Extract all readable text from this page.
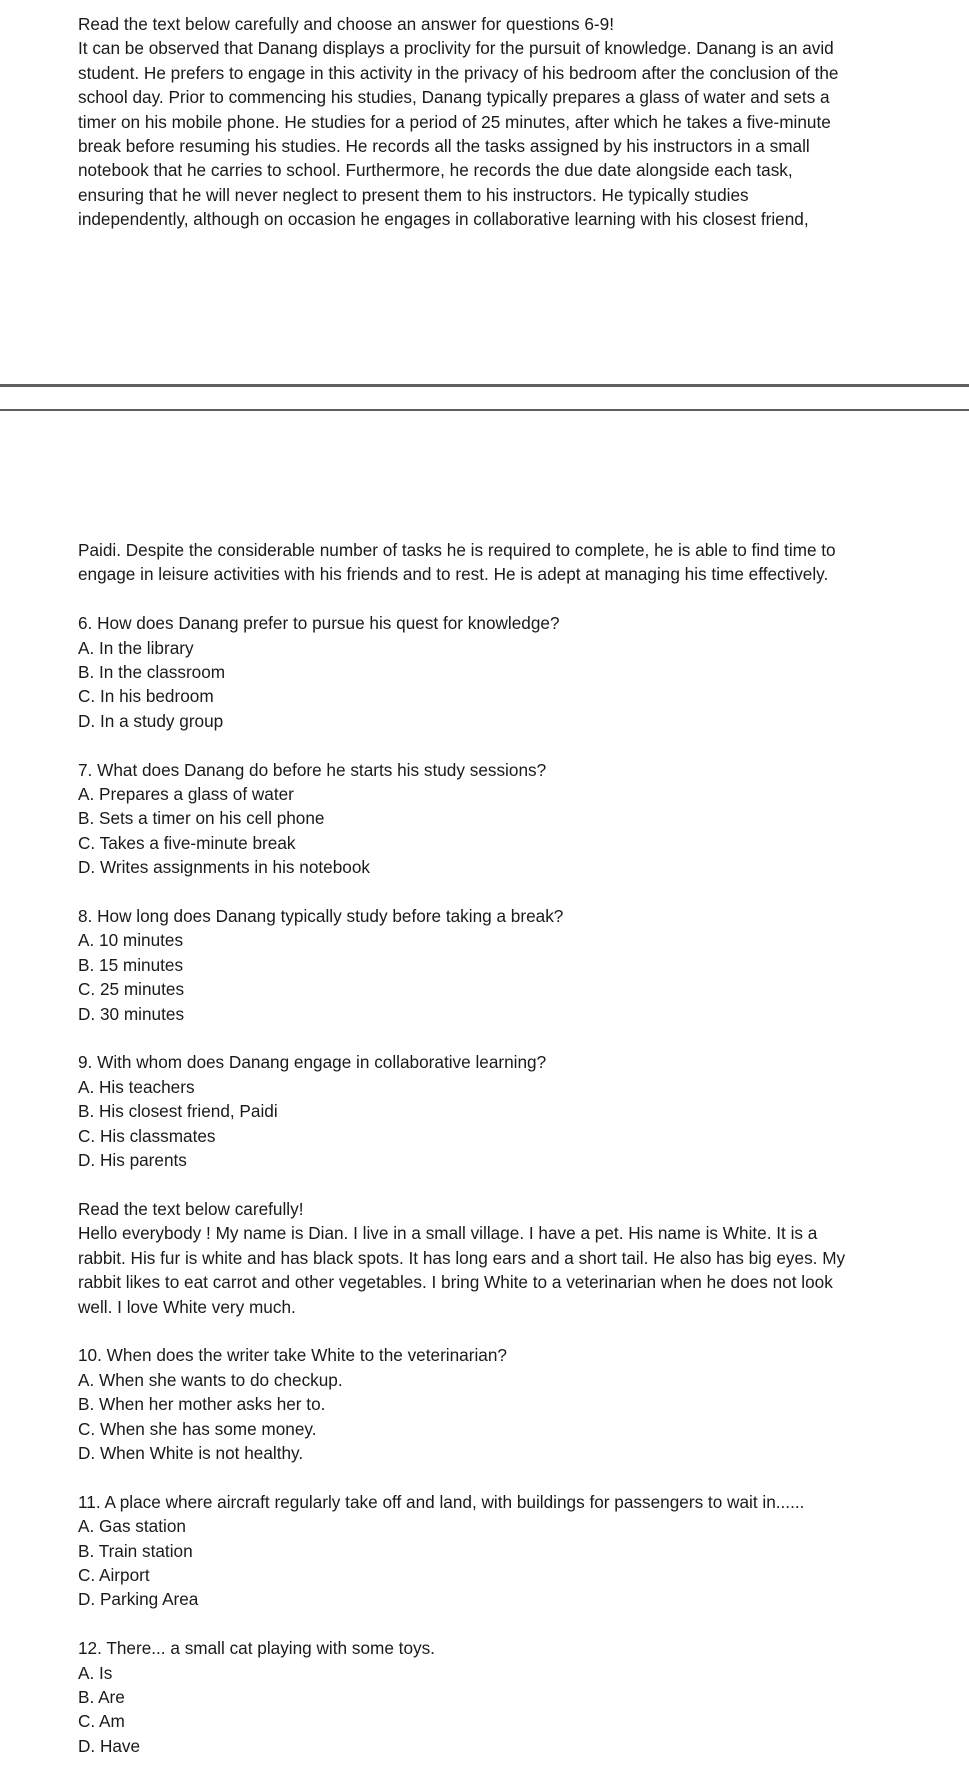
Read the text below carefully and choose an answer for questions 6-9!
It can be observed that Danang displays a proclivity for the pursuit of knowledge. Danang is an avid
student. He prefers to engage in this activity in the privacy of his bedroom after the conclusion of the
school day. Prior to commencing his studies, Danang typically prepares a glass of water and sets a
timer on his mobile phone. He studies for a period of 25 minutes, after which he takes a five-minute
break before resuming his studies. He records all the tasks assigned by his instructors in a small
notebook that he carries to school. Furthermore, he records the due date alongside each task,
ensuring that he will never neglect to present them to his instructors. He typically studies
independently, although on occasion he engages in collaborative learning with his closest friend,
Paidi. Despite the considerable number of tasks he is required to complete, he is able to find time to
engage in leisure activities with his friends and to rest. He is adept at managing his time effectively.
6. How does Danang prefer to pursue his quest for knowledge?
A. In the library
B. In the classroom
C. In his bedroom
D. In a study group
7. What does Danang do before he starts his study sessions?
A. Prepares a glass of water
B. Sets a timer on his cell phone
C. Takes a five-minute break
D. Writes assignments in his notebook
8. How long does Danang typically study before taking a break?
A. 10 minutes
B. 15 minutes
C. 25 minutes
D. 30 minutes
9. With whom does Danang engage in collaborative learning?
A. His teachers
B. His closest friend, Paidi
C. His classmates
D. His parents
Read the text below carefully!
Hello everybody ! My name is Dian. I live in a small village. I have a pet. His name is White. It is a
rabbit. His fur is white and has black spots. It has long ears and a short tail. He also has big eyes. My
rabbit likes to eat carrot and other vegetables. I bring White to a veterinarian when he does not look
well. I love White very much.
10. When does the writer take White to the veterinarian?
A. When she wants to do checkup.
B. When her mother asks her to.
C. When she has some money.
D. When White is not healthy.
11. A place where aircraft regularly take off and land, with buildings for passengers to wait in......
A. Gas station
B. Train station
C. Airport
D. Parking Area
12. There... a small cat playing with some toys.
A. Is
B. Are
C. Am
D. Have
